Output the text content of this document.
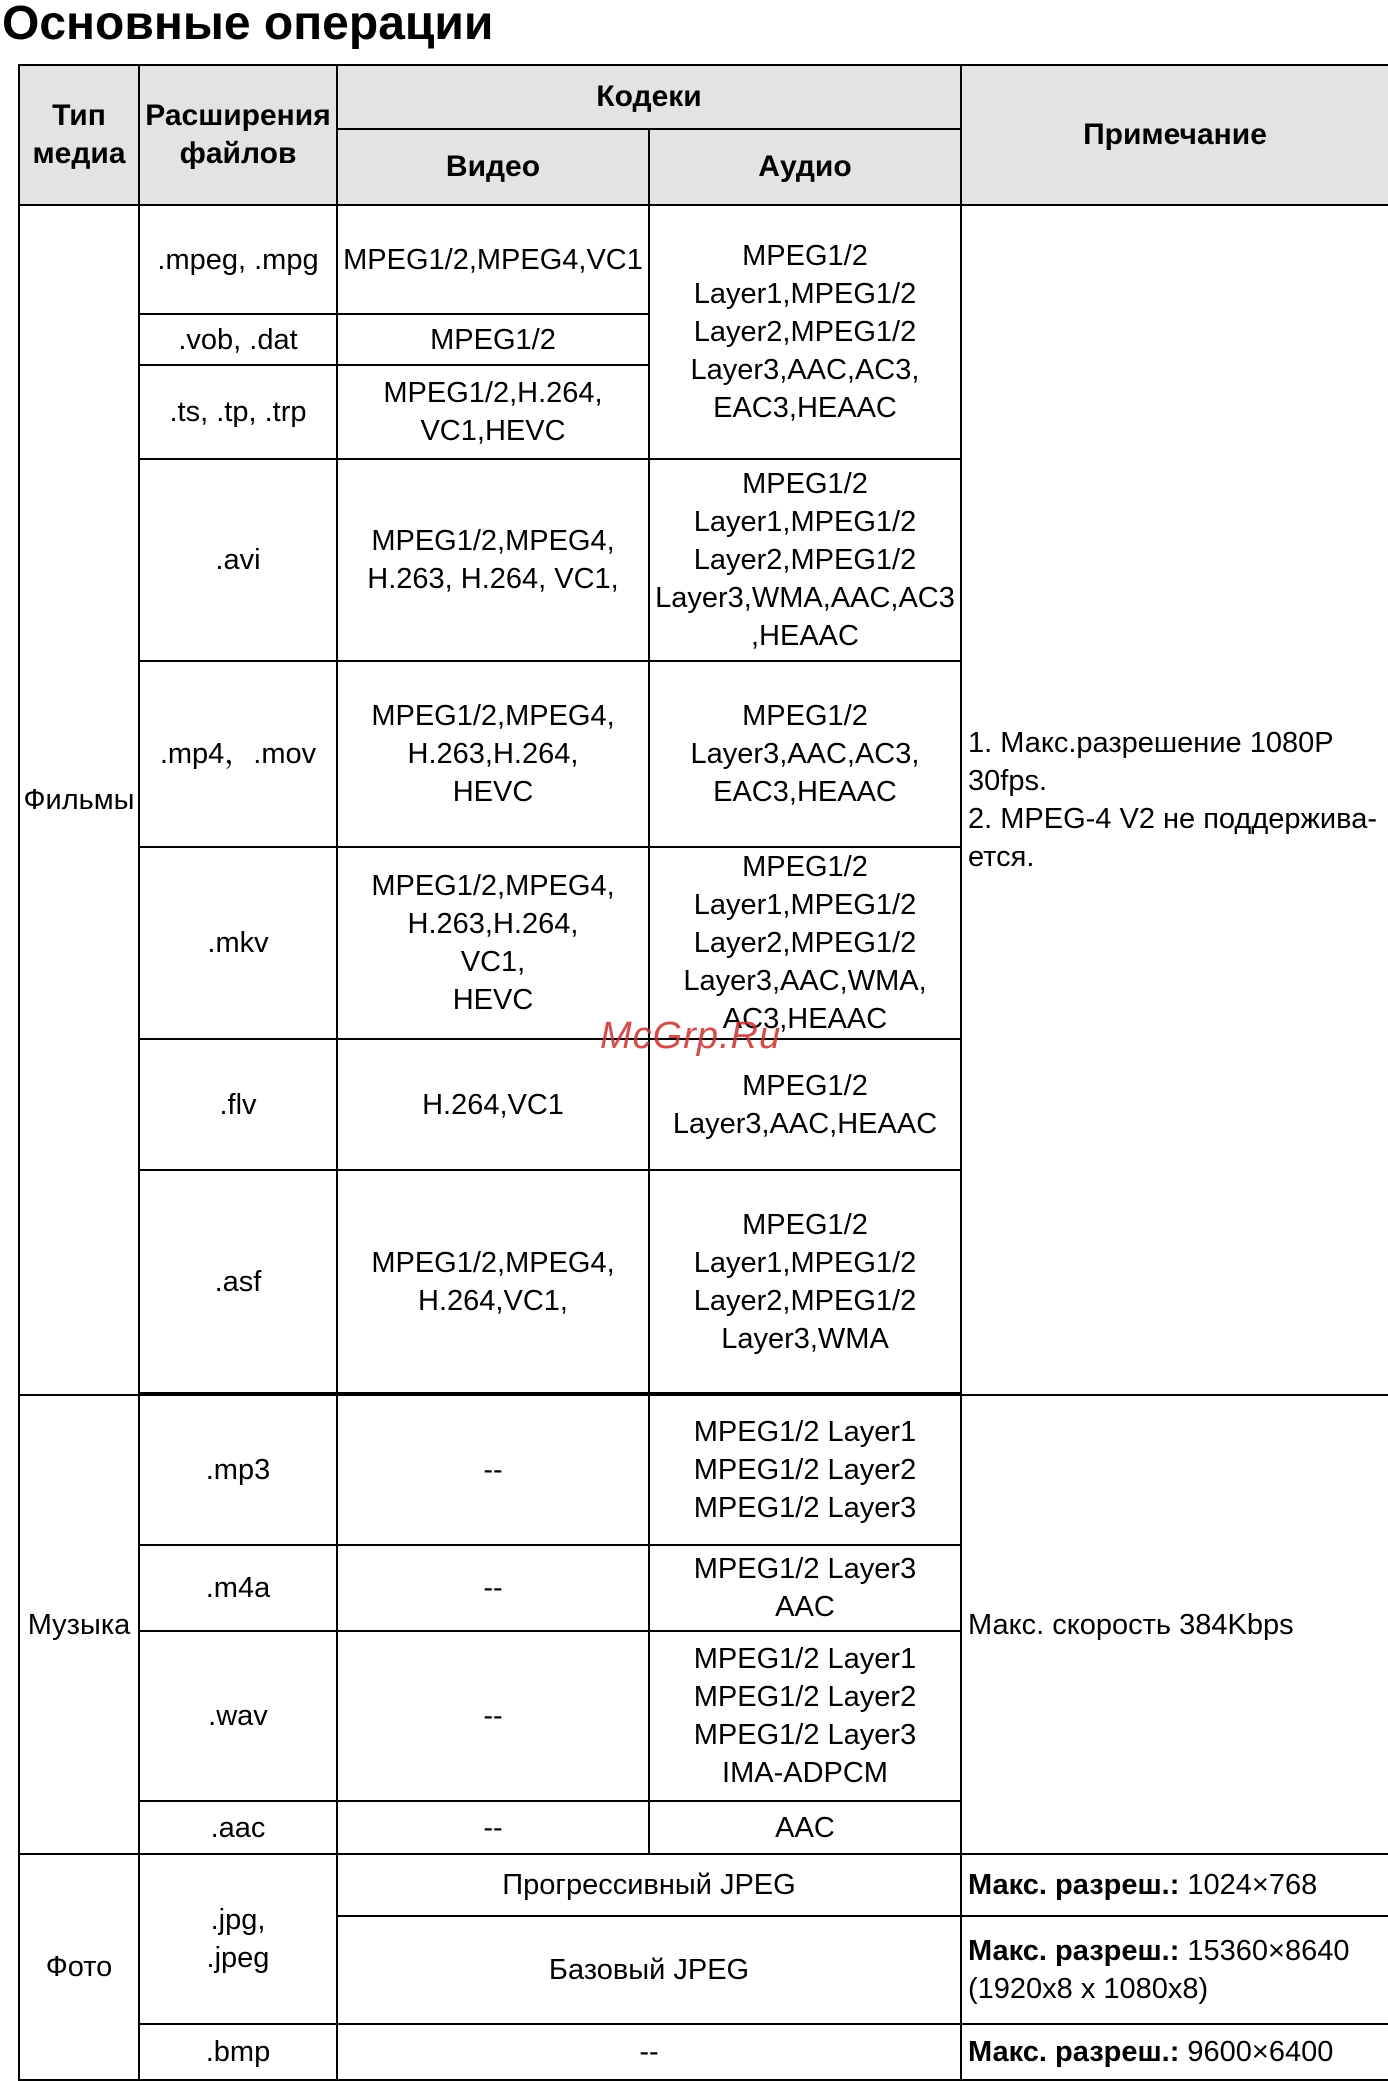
Основные операции
Тип медиа	Расширения файлов	Кодеки		Примечание
		Видео	Аудио	
Фильмы	.mpeg, .mpg	MPEG1/2,MPEG4,VC1	MPEG1/2
Layer1,MPEG1/2
Layer2,MPEG1/2
Layer3,AAC,AC3,
EAC3,HEAAC	1. Макс.разрешение 1080P 30fps.
2. MPEG-4 V2 не поддержива-ется.
	.vob, .dat	MPEG1/2		
	.ts, .tp, .trp	MPEG1/2,H.264,
VC1,HEVC		
	.avi	MPEG1/2,MPEG4,
H.263, H.264, VC1,	MPEG1/2
Layer1,MPEG1/2
Layer2,MPEG1/2
Layer3,WMA,AAC,AC3
,HEAAC	
	.mp4，.mov	MPEG1/2,MPEG4,
H.263,H.264,
HEVC	MPEG1/2
Layer3,AAC,AC3,
EAC3,HEAAC	
	.mkv	MPEG1/2,MPEG4,
H.263,H.264,
VC1,
HEVC	MPEG1/2
Layer1,MPEG1/2
Layer2,MPEG1/2
Layer3,AAC,WMA,
AC3,HEAAC	
	.flv	H.264,VC1	MPEG1/2
Layer3,AAC,HEAAC	
	.asf	MPEG1/2,MPEG4,
H.264,VC1,	MPEG1/2
Layer1,MPEG1/2
Layer2,MPEG1/2
Layer3,WMA	

Музыка	.mp3	--	MPEG1/2 Layer1
MPEG1/2 Layer2
MPEG1/2 Layer3	Макс. скорость 384Kbps
	.m4a	--	MPEG1/2 Layer3
AAC	
	.wav	--	MPEG1/2 Layer1
MPEG1/2 Layer2
MPEG1/2 Layer3
IMA-ADPCM	
	.aac	--	AAC	
Фото	.jpg,
.jpeg	Прогрессивный JPEG		Макс. разреш.: 1024×768
		Базовый JPEG		Макс. разреш.: 15360×8640
(1920x8 x 1080x8)
	.bmp	--		Макс. разреш.: 9600×6400
McGrp.Ru
